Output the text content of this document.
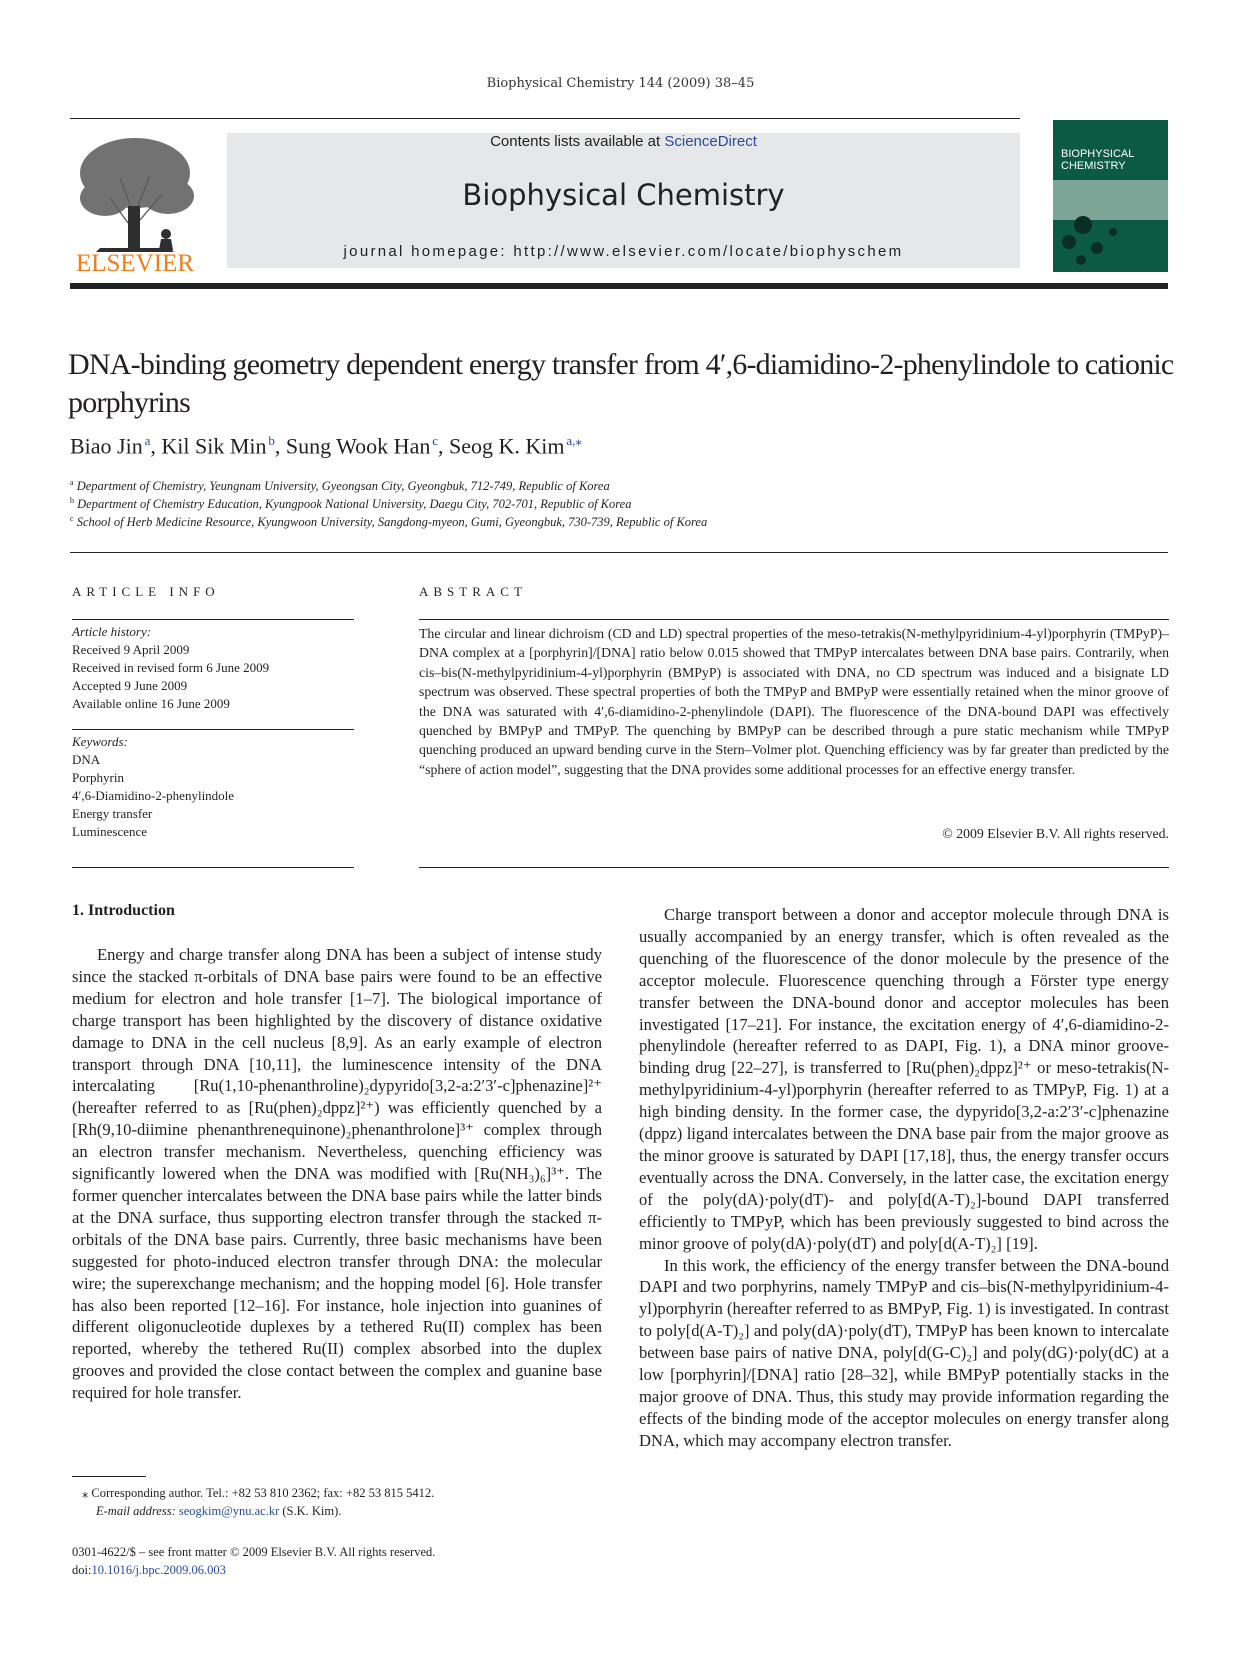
Biophysical Chemistry 144 (2009) 38–45
ELSEVIER
Contents lists available at ScienceDirect
Biophysical Chemistry
journal homepage: http://www.elsevier.com/locate/biophyschem
BIOPHYSICAL CHEMISTRY
DNA-binding geometry dependent energy transfer from 4′,6-diamidino-2-phenylindole to cationic porphyrins
Biao Jin  $^a$, Kil Sik Min  $^b$, Sung Wook Han  $^c$, Seog K. Kim  $^{a,⁎}$
$^a$ Department of Chemistry, Yeungnam University, Gyeongsan City, Gyeongbuk, 712-749, Republic of Korea
$^b$ Department of Chemistry Education, Kyungpook National University, Daegu City, 702-701, Republic of Korea
$^c$ School of Herb Medicine Resource, Kyungwoon University, Sangdong-myeon, Gumi, Gyeongbuk, 730-739, Republic of Korea
ARTICLE INFO
Article history:
Received 9 April 2009
Received in revised form 6 June 2009
Accepted 9 June 2009
Available online 16 June 2009
Keywords:
DNA
Porphyrin
4′,6-Diamidino-2-phenylindole
Energy transfer
Luminescence
ABSTRACT
The circular and linear dichroism (CD and LD) spectral properties of the meso-tetrakis(N-methylpyridinium-4-yl)porphyrin (TMPyP)–DNA complex at a [porphyrin]/[DNA] ratio below 0.015 showed that TMPyP intercalates between DNA base pairs. Contrarily, when cis–bis(N-methylpyridinium-4-yl)porphyrin (BMPyP) is associated with DNA, no CD spectrum was induced and a bisignate LD spectrum was observed. These spectral properties of both the TMPyP and BMPyP were essentially retained when the minor groove of the DNA was saturated with 4′,6-diamidino-2-phenylindole (DAPI). The fluorescence of the DNA-bound DAPI was effectively quenched by BMPyP and TMPyP. The quenching by BMPyP can be described through a pure static mechanism while TMPyP quenching produced an upward bending curve in the Stern–Volmer plot. Quenching efficiency was by far greater than predicted by the “sphere of action model”, suggesting that the DNA provides some additional processes for an effective energy transfer.
© 2009 Elsevier B.V. All rights reserved.
1. Introduction

Energy and charge transfer along DNA has been a subject of intense study since the stacked π-orbitals of DNA base pairs were found to be an effective medium for electron and hole transfer [1–7]. The biological importance of charge transport has been highlighted by the discovery of distance oxidative damage to DNA in the cell nucleus [8,9]. As an early example of electron transport through DNA [10,11], the luminescence intensity of the DNA intercalating [Ru(1,10-phenanthroline)₂dypyrido[3,2-a:2′3′-c]phenazine]²⁺ (hereafter referred to as [Ru(phen)₂dppz]²⁺) was efficiently quenched by a [Rh(9,10-diimine phenanthrenequinone)₂phenanthrolone]³⁺ complex through an electron transfer mechanism. Nevertheless, quenching efficiency was significantly lowered when the DNA was modified with [Ru(NH₃)₆]³⁺. The former quencher intercalates between the DNA base pairs while the latter binds at the DNA surface, thus supporting electron transfer through the stacked π-orbitals of the DNA base pairs. Currently, three basic mechanisms have been suggested for photo-induced electron transfer through DNA: the molecular wire; the superexchange mechanism; and the hopping model [6]. Hole transfer has also been reported [12–16]. For instance, hole injection into guanines of different oligonucleotide duplexes by a tethered Ru(II) complex has been reported, whereby the tethered Ru(II) complex absorbed into the duplex grooves and provided the close contact between the complex and guanine base required for hole transfer.

Charge transport between a donor and acceptor molecule through DNA is usually accompanied by an energy transfer, which is often revealed as the quenching of the fluorescence of the donor molecule by the presence of the acceptor molecule. Fluorescence quenching through a Förster type energy transfer between the DNA-bound donor and acceptor molecules has been investigated [17–21]. For instance, the excitation energy of 4′,6-diamidino-2-phenylindole (hereafter referred to as DAPI, Fig. 1), a DNA minor groove-binding drug [22–27], is transferred to [Ru(phen)₂dppz]²⁺ or meso-tetrakis(N-methylpyridinium-4-yl)porphyrin (hereafter referred to as TMPyP, Fig. 1) at a high binding density. In the former case, the dypyrido[3,2-a:2′3′-c]phenazine (dppz) ligand intercalates between the DNA base pair from the major groove as the minor groove is saturated by DAPI [17,18], thus, the energy transfer occurs eventually across the DNA. Conversely, in the latter case, the excitation energy of the poly(dA)·poly(dT)- and poly[d(A-T)₂]-bound DAPI transferred efficiently to TMPyP, which has been previously suggested to bind across the minor groove of poly(dA)·poly(dT) and poly[d(A-T)₂] [19].

In this work, the efficiency of the energy transfer between the DNA-bound DAPI and two porphyrins, namely TMPyP and cis–bis(N-methylpyridinium-4-yl)porphyrin (hereafter referred to as BMPyP, Fig. 1) is investigated. In contrast to poly[d(A-T)₂] and poly(dA)·poly(dT), TMPyP has been known to intercalate between base pairs of native DNA, poly[d(G-C)₂] and poly(dG)·poly(dC) at a low [porphyrin]/[DNA] ratio [28–32], while BMPyP potentially stacks in the major groove of DNA. Thus, this study may provide information regarding the effects of the binding mode of the acceptor molecules on energy transfer along DNA, which may accompany electron transfer.

⁎ Corresponding author. Tel.: +82 53 810 2362; fax: +82 53 815 5412.
E-mail address: seogkim@ynu.ac.kr (S.K. Kim).
0301-4622/$ – see front matter © 2009 Elsevier B.V. All rights reserved.
doi:10.1016/j.bpc.2009.06.003
